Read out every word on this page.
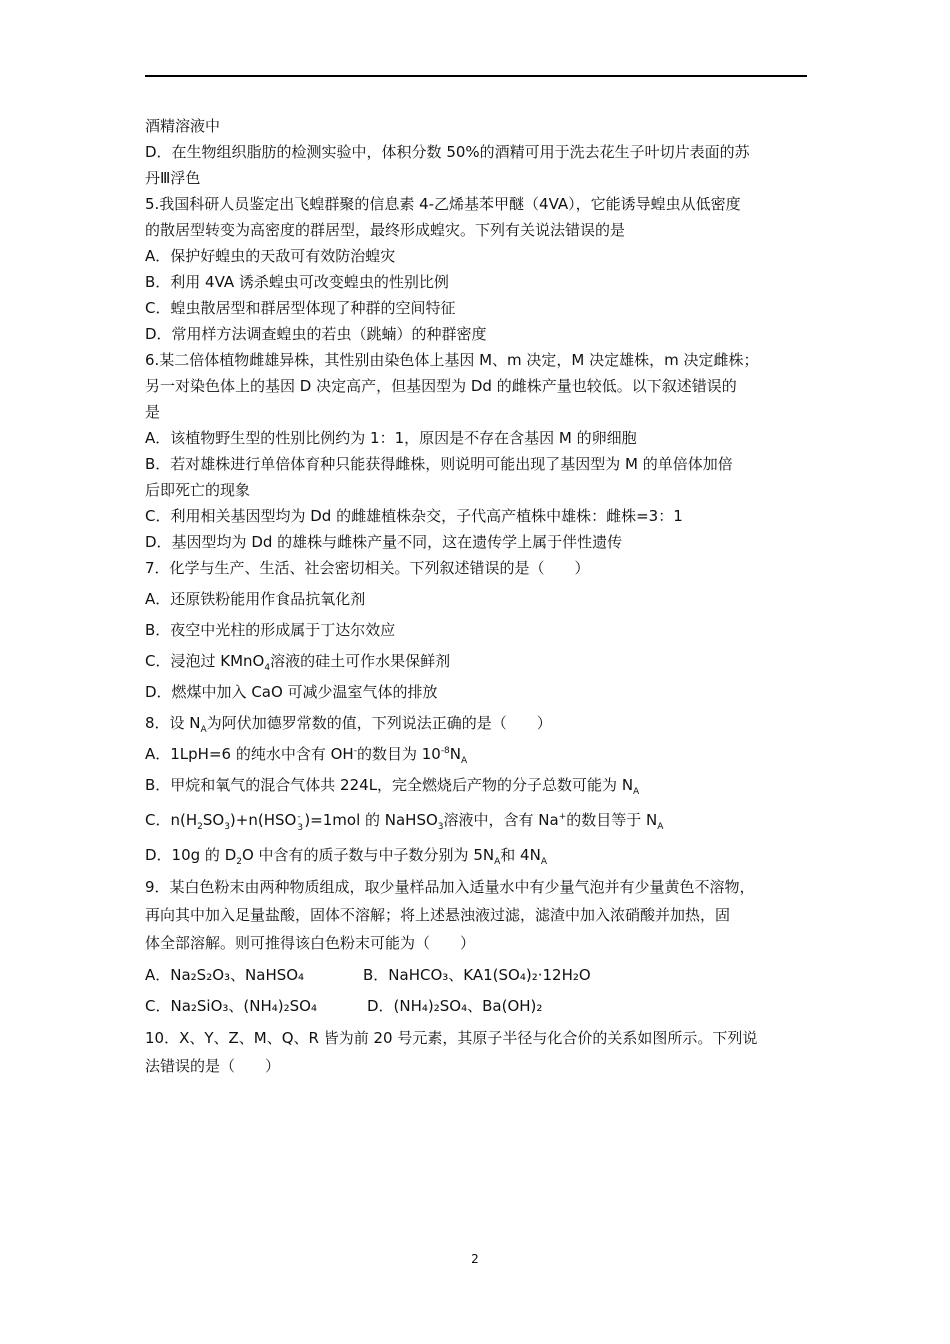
酒精溶液中
D．在生物组织脂肪的检测实验中，体积分数 50%的酒精可用于洗去花生子叶切片表面的苏
丹Ⅲ浮色
5.我国科研人员鉴定出飞蝗群聚的信息素 4-乙烯基苯甲醚（4VA），它能诱导蝗虫从低密度
的散居型转变为高密度的群居型，最终形成蝗灾。下列有关说法错误的是
A．保护好蝗虫的天敌可有效防治蝗灾
B．利用 4VA 诱杀蝗虫可改变蝗虫的性别比例
C．蝗虫散居型和群居型体现了种群的空间特征
D．常用样方法调查蝗虫的若虫（跳蝻）的种群密度
6.某二倍体植物雌雄异株，其性别由染色体上基因 M、m 决定，M 决定雄株，m 决定雌株；
另一对染色体上的基因 D 决定高产，但基因型为 Dd 的雌株产量也较低。以下叙述错误的
是
A．该植物野生型的性别比例约为 1：1，原因是不存在含基因 M 的卵细胞
B．若对雄株进行单倍体育种只能获得雌株，则说明可能出现了基因型为 M 的单倍体加倍
后即死亡的现象
C．利用相关基因型均为 Dd 的雌雄植株杂交，子代高产植株中雄株：雌株=3：1
D．基因型均为 Dd 的雄株与雌株产量不同，这在遗传学上属于伴性遗传
7．化学与生产、生活、社会密切相关。下列叙述错误的是（　　）
A．还原铁粉能用作食品抗氧化剂
B．夜空中光柱的形成属于丁达尔效应
C．浸泡过 KMnO$_4$溶液的硅土可作水果保鲜剂
D．燃煤中加入 CaO 可减少温室气体的排放
8．设 $N_A$为阿伏加德罗常数的值，下列说法正确的是（　　）
A．1LpH=6 的纯水中含有 OH-的数目为 $10^{-8}N_A$
B．甲烷和氧气的混合气体共 224L，完全燃烧后产物的分子总数可能为 $N_A$
C．$n(H_2SO_3)+n(HSO$ -
3 )=1mol 的 NaHSO$_3$溶液中，含有 Na+的数目等于 $N_A$
D．10g 的 $D_2O$ 中含有的质子数与中子数分别为 $5N_A$和 $4N_A$
9．某白色粉末由两种物质组成，取少量样品加入适量水中有少量气泡并有少量黄色不溶物，
再向其中加入足量盐酸，固体不溶解；将上述悬浊液过滤，滤渣中加入浓硝酸并加热，固
体全部溶解。则可推得该白色粉末可能为（　　）
A．Na₂S₂O₃、NaHSO₄	B．NaHCO₃、KA1(SO₄)₂·12H₂O
C．Na₂SiO₃、(NH₄)₂SO₄	D．(NH₄)₂SO₄、Ba(OH)₂
10．X、Y、Z、M、Q、R 皆为前 20 号元素，其原子半径与化合价的关系如图所示。下列说
法错误的是（　　）
2
